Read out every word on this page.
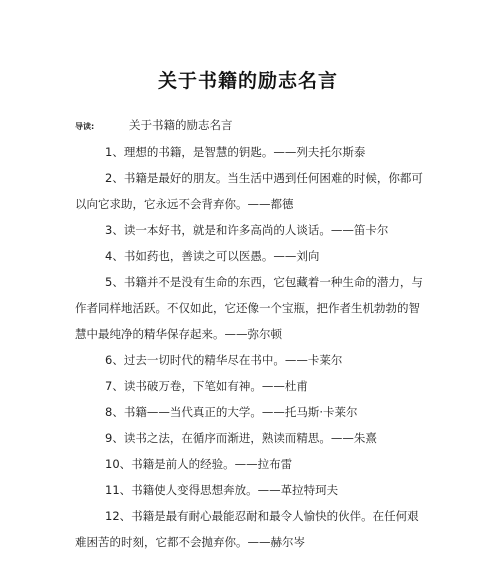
关于书籍的励志名言
导读:	关于书籍的励志名言
1、理想的书籍，是智慧的钥匙。——列夫托尔斯泰
2、书籍是最好的朋友。当生活中遇到任何困难的时候，你都可以向它求助，它永远不会背弃你。——都德
3、读一本好书，就是和许多高尚的人谈话。——笛卡尔
4、书如药也，善读之可以医愚。——刘向
5、书籍并不是没有生命的东西，它包藏着一种生命的潜力，与作者同样地活跃。不仅如此，它还像一个宝瓶，把作者生机勃勃的智慧中最纯净的精华保存起来。——弥尔顿
6、过去一切时代的精华尽在书中。——卡莱尔
7、读书破万卷，下笔如有神。——杜甫
8、书籍——当代真正的大学。——托马斯·卡莱尔
9、读书之法，在循序而渐进，熟读而精思。——朱熹
10、书籍是前人的经验。——拉布雷
11、书籍使人变得思想奔放。——革拉特珂夫
12、书籍是最有耐心最能忍耐和最令人愉快的伙伴。在任何艰难困苦的时刻，它都不会抛弃你。——赫尔岑
